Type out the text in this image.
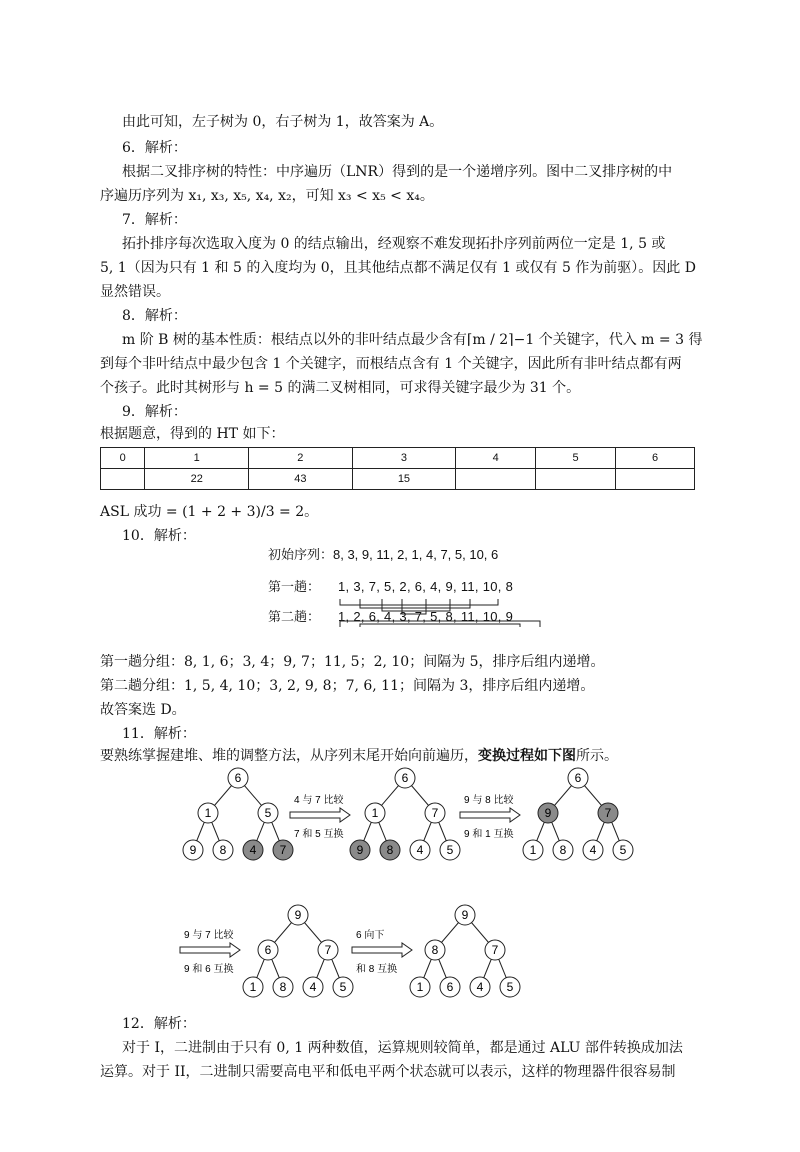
由此可知，左子树为 0，右子树为 1，故答案为 A。
6．解析：
根据二叉排序树的特性：中序遍历（LNR）得到的是一个递增序列。图中二叉排序树的中
序遍历序列为 x₁, x₃, x₅, x₄, x₂，可知 x₃ < x₅ < x₄。
7．解析：
拓扑排序每次选取入度为 0 的结点输出，经观察不难发现拓扑序列前两位一定是 1, 5 或
5, 1（因为只有 1 和 5 的入度均为 0，且其他结点都不满足仅有 1 或仅有 5 作为前驱）。因此 D
显然错误。
8．解析：
m 阶 B 树的基本性质：根结点以外的非叶结点最少含有⌈m / 2⌉−1 个关键字，代入 m = 3 得
到每个非叶结点中最少包含 1 个关键字，而根结点含有 1 个关键字，因此所有非叶结点都有两
个孩子。此时其树形与 h = 5 的满二叉树相同，可求得关键字最少为 31 个。
9．解析：
根据题意，得到的 HT 如下：
0	1	2	3	4	5	6
	22	43	15			
ASL 成功 = (1 + 2 + 3)/3 = 2。
10．解析：
初始序列：8, 3, 9, 11, 2, 1, 4, 7, 5, 10, 6
第一趟： 1, 3, 7, 5, 2, 6, 4, 9, 11, 10, 8
第二趟： 1, 2, 6, 4, 3, 7, 5, 8, 11, 10, 9
第一趟分组：8, 1, 6；3, 4；9, 7；11, 5；2, 10；间隔为 5，排序后组内递增。
第二趟分组：1, 5, 4, 10；3, 2, 9, 8；7, 6, 11；间隔为 3，排序后组内递增。
故答案选 D。
11．解析：
要熟练掌握建堆、堆的调整方法，从序列末尾开始向前遍历，变换过程如下图所示。
6
1	5
9 8 4 7
6
1	7
9 8 4 5
6
9	7
1 8 4 5
9
6	7
1 8 4 5
9
8	7
1 6 4 5
4 与 7 比较
7 和 5 互换
9 与 8 比较
9 和 1 互换
9 与 7 比较
9 和 6 互换
6 向下
和 8 互换
12．解析：
对于 I，二进制由于只有 0, 1 两种数值，运算规则较简单，都是通过 ALU 部件转换成加法
运算。对于 II，二进制只需要高电平和低电平两个状态就可以表示，这样的物理器件很容易制
